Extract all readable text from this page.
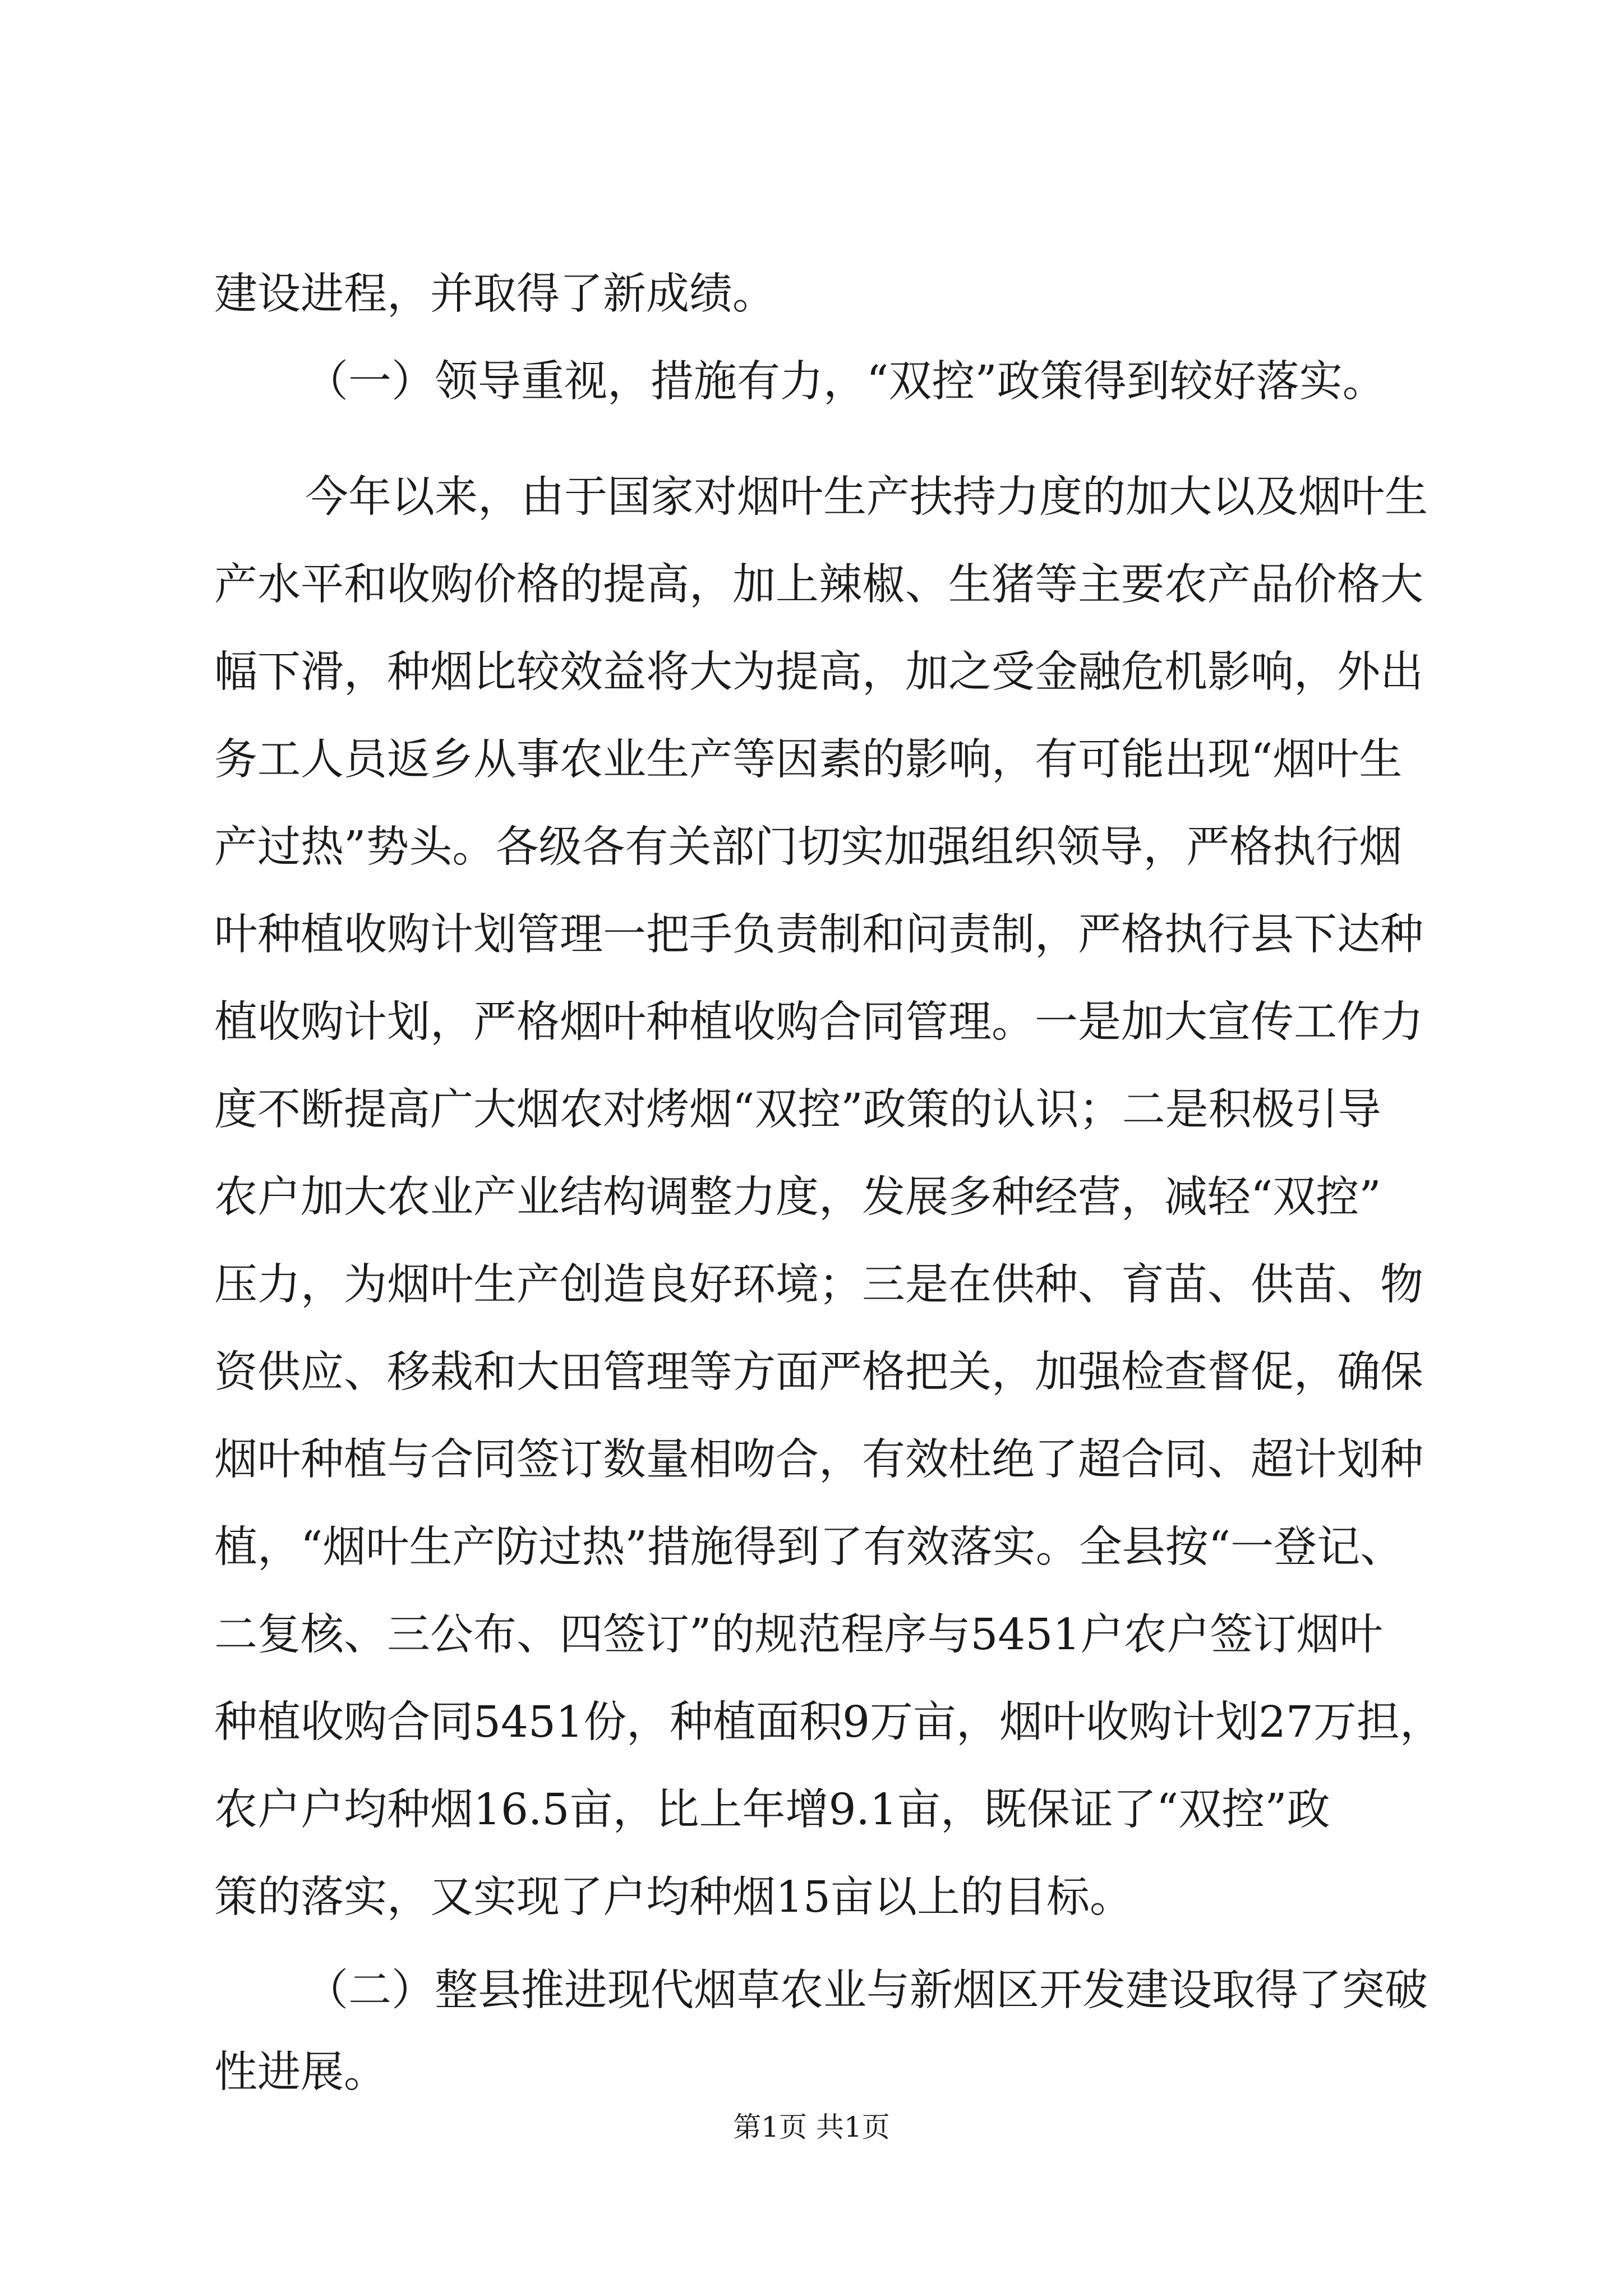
建设进程，并取得了新成绩。

（一）领导重视，措施有力，“双控”政策得到较好落实。

今年以来，由于国家对烟叶生产扶持力度的加大以及烟叶生

产水平和收购价格的提高，加上辣椒、生猪等主要农产品价格大

幅下滑，种烟比较效益将大为提高，加之受金融危机影响，外出

务工人员返乡从事农业生产等因素的影响，有可能出现“烟叶生

产过热”势头。各级各有关部门切实加强组织领导，严格执行烟

叶种植收购计划管理一把手负责制和问责制，严格执行县下达种

植收购计划，严格烟叶种植收购合同管理。一是加大宣传工作力

度不断提高广大烟农对烤烟“双控”政策的认识；二是积极引导

农户加大农业产业结构调整力度，发展多种经营，减轻“双控”

压力，为烟叶生产创造良好环境；三是在供种、育苗、供苗、物

资供应、移栽和大田管理等方面严格把关，加强检查督促，确保

烟叶种植与合同签订数量相吻合，有效杜绝了超合同、超计划种

植，“烟叶生产防过热”措施得到了有效落实。全县按“一登记、

二复核、三公布、四签订”的规范程序与5451户农户签订烟叶

种植收购合同5451份，种植面积9万亩，烟叶收购计划27万担，

农户户均种烟16.5亩，比上年增9.1亩，既保证了“双控”政

策的落实，又实现了户均种烟15亩以上的目标。

（二）整县推进现代烟草农业与新烟区开发建设取得了突破

性进展。

第1页 共1页
